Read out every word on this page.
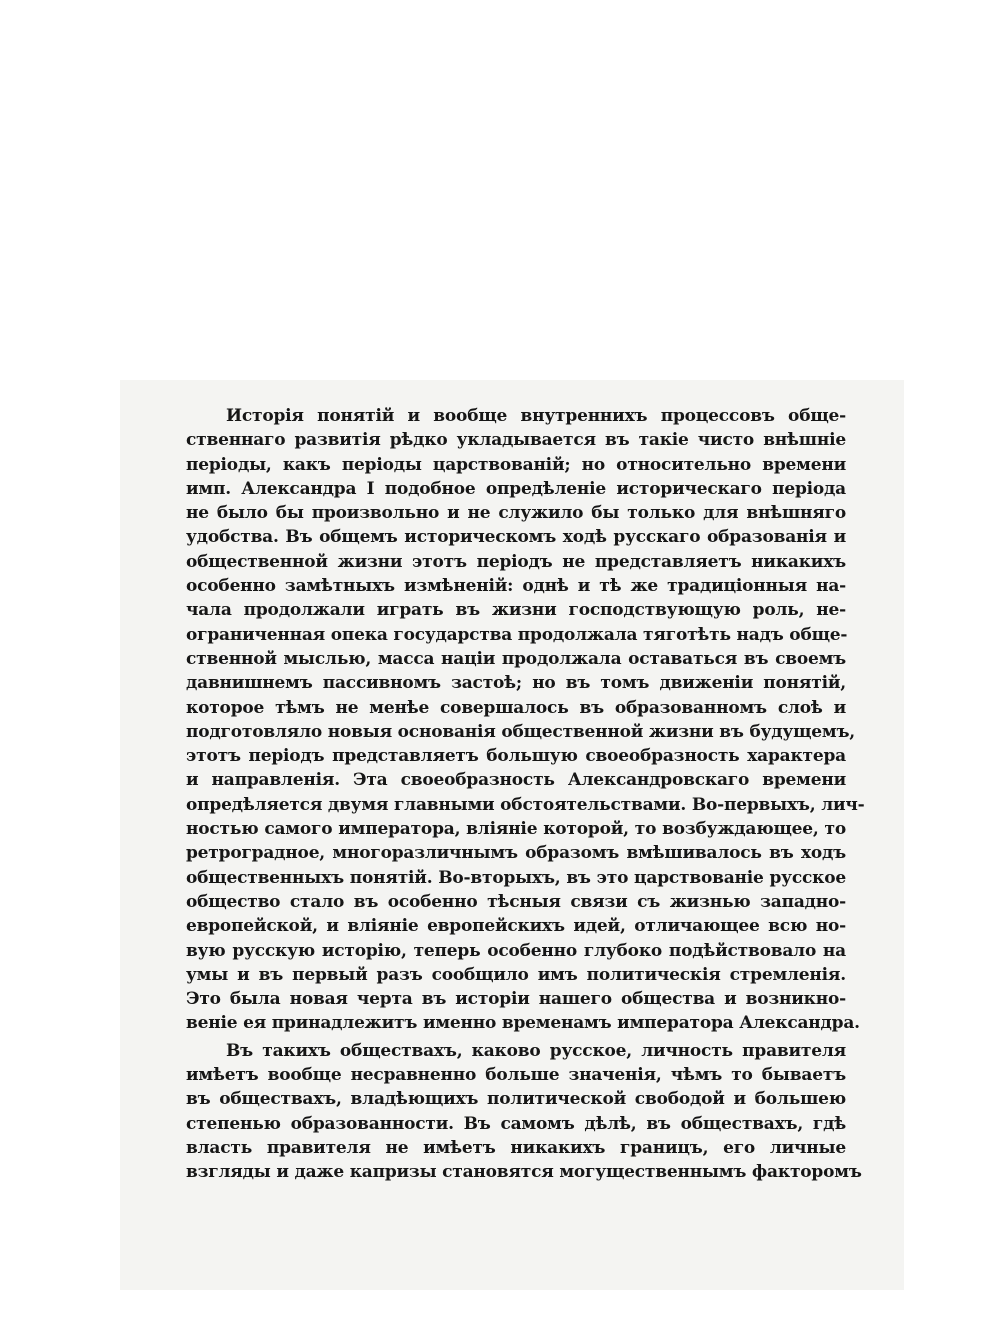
Исторія понятій и вообще внутреннихъ процессовъ обще-
ственнаго развитія рѣдко укладывается въ такіе чисто внѣшніе
періоды, какъ періоды царствованій; но относительно времени
имп. Александра I подобное опредѣленіе историческаго періода
не было бы произвольно и не служило бы только для внѣшняго
удобства. Въ общемъ историческомъ ходѣ русскаго образованія и
общественной жизни этотъ періодъ не представляетъ никакихъ
особенно замѣтныхъ измѣненій: однѣ и тѣ же традиціонныя на-
чала продолжали играть въ жизни господствующую роль, не-
ограниченная опека государства продолжала тяготѣть надъ обще-
ственной мыслью, масса націи продолжала оставаться въ своемъ
давнишнемъ пассивномъ застоѣ; но въ томъ движеніи понятій,
которое тѣмъ не менѣе совершалось въ образованномъ слоѣ и
подготовляло новыя основанія общественной жизни въ будущемъ,
этотъ періодъ представляетъ большую своеобразность характера
и направленія. Эта своеобразность Александровскаго времени
опредѣляется двумя главными обстоятельствами. Во-первыхъ, лич-
ностью самого императора, вліяніе которой, то возбуждающее, то
ретроградное, многоразличнымъ образомъ вмѣшивалось въ ходъ
общественныхъ понятій. Во-вторыхъ, въ это царствованіе русское
общество стало въ особенно тѣсныя связи съ жизнью западно-
европейской, и вліяніе европейскихъ идей, отличающее всю но-
вую русскую исторію, теперь особенно глубоко подѣйствовало на
умы и въ первый разъ сообщило имъ политическія стремленія.
Это была новая черта въ исторіи нашего общества и возникно-
веніе ея принадлежитъ именно временамъ императора Александра.
Въ такихъ обществахъ, каково русское, личность правителя
имѣетъ вообще несравненно больше значенія, чѣмъ то бываетъ
въ обществахъ, владѣющихъ политической свободой и большею
степенью образованности. Въ самомъ дѣлѣ, въ обществахъ, гдѣ
власть правителя не имѣетъ никакихъ границъ, его личные
взгляды и даже капризы становятся могущественнымъ факторомъ
